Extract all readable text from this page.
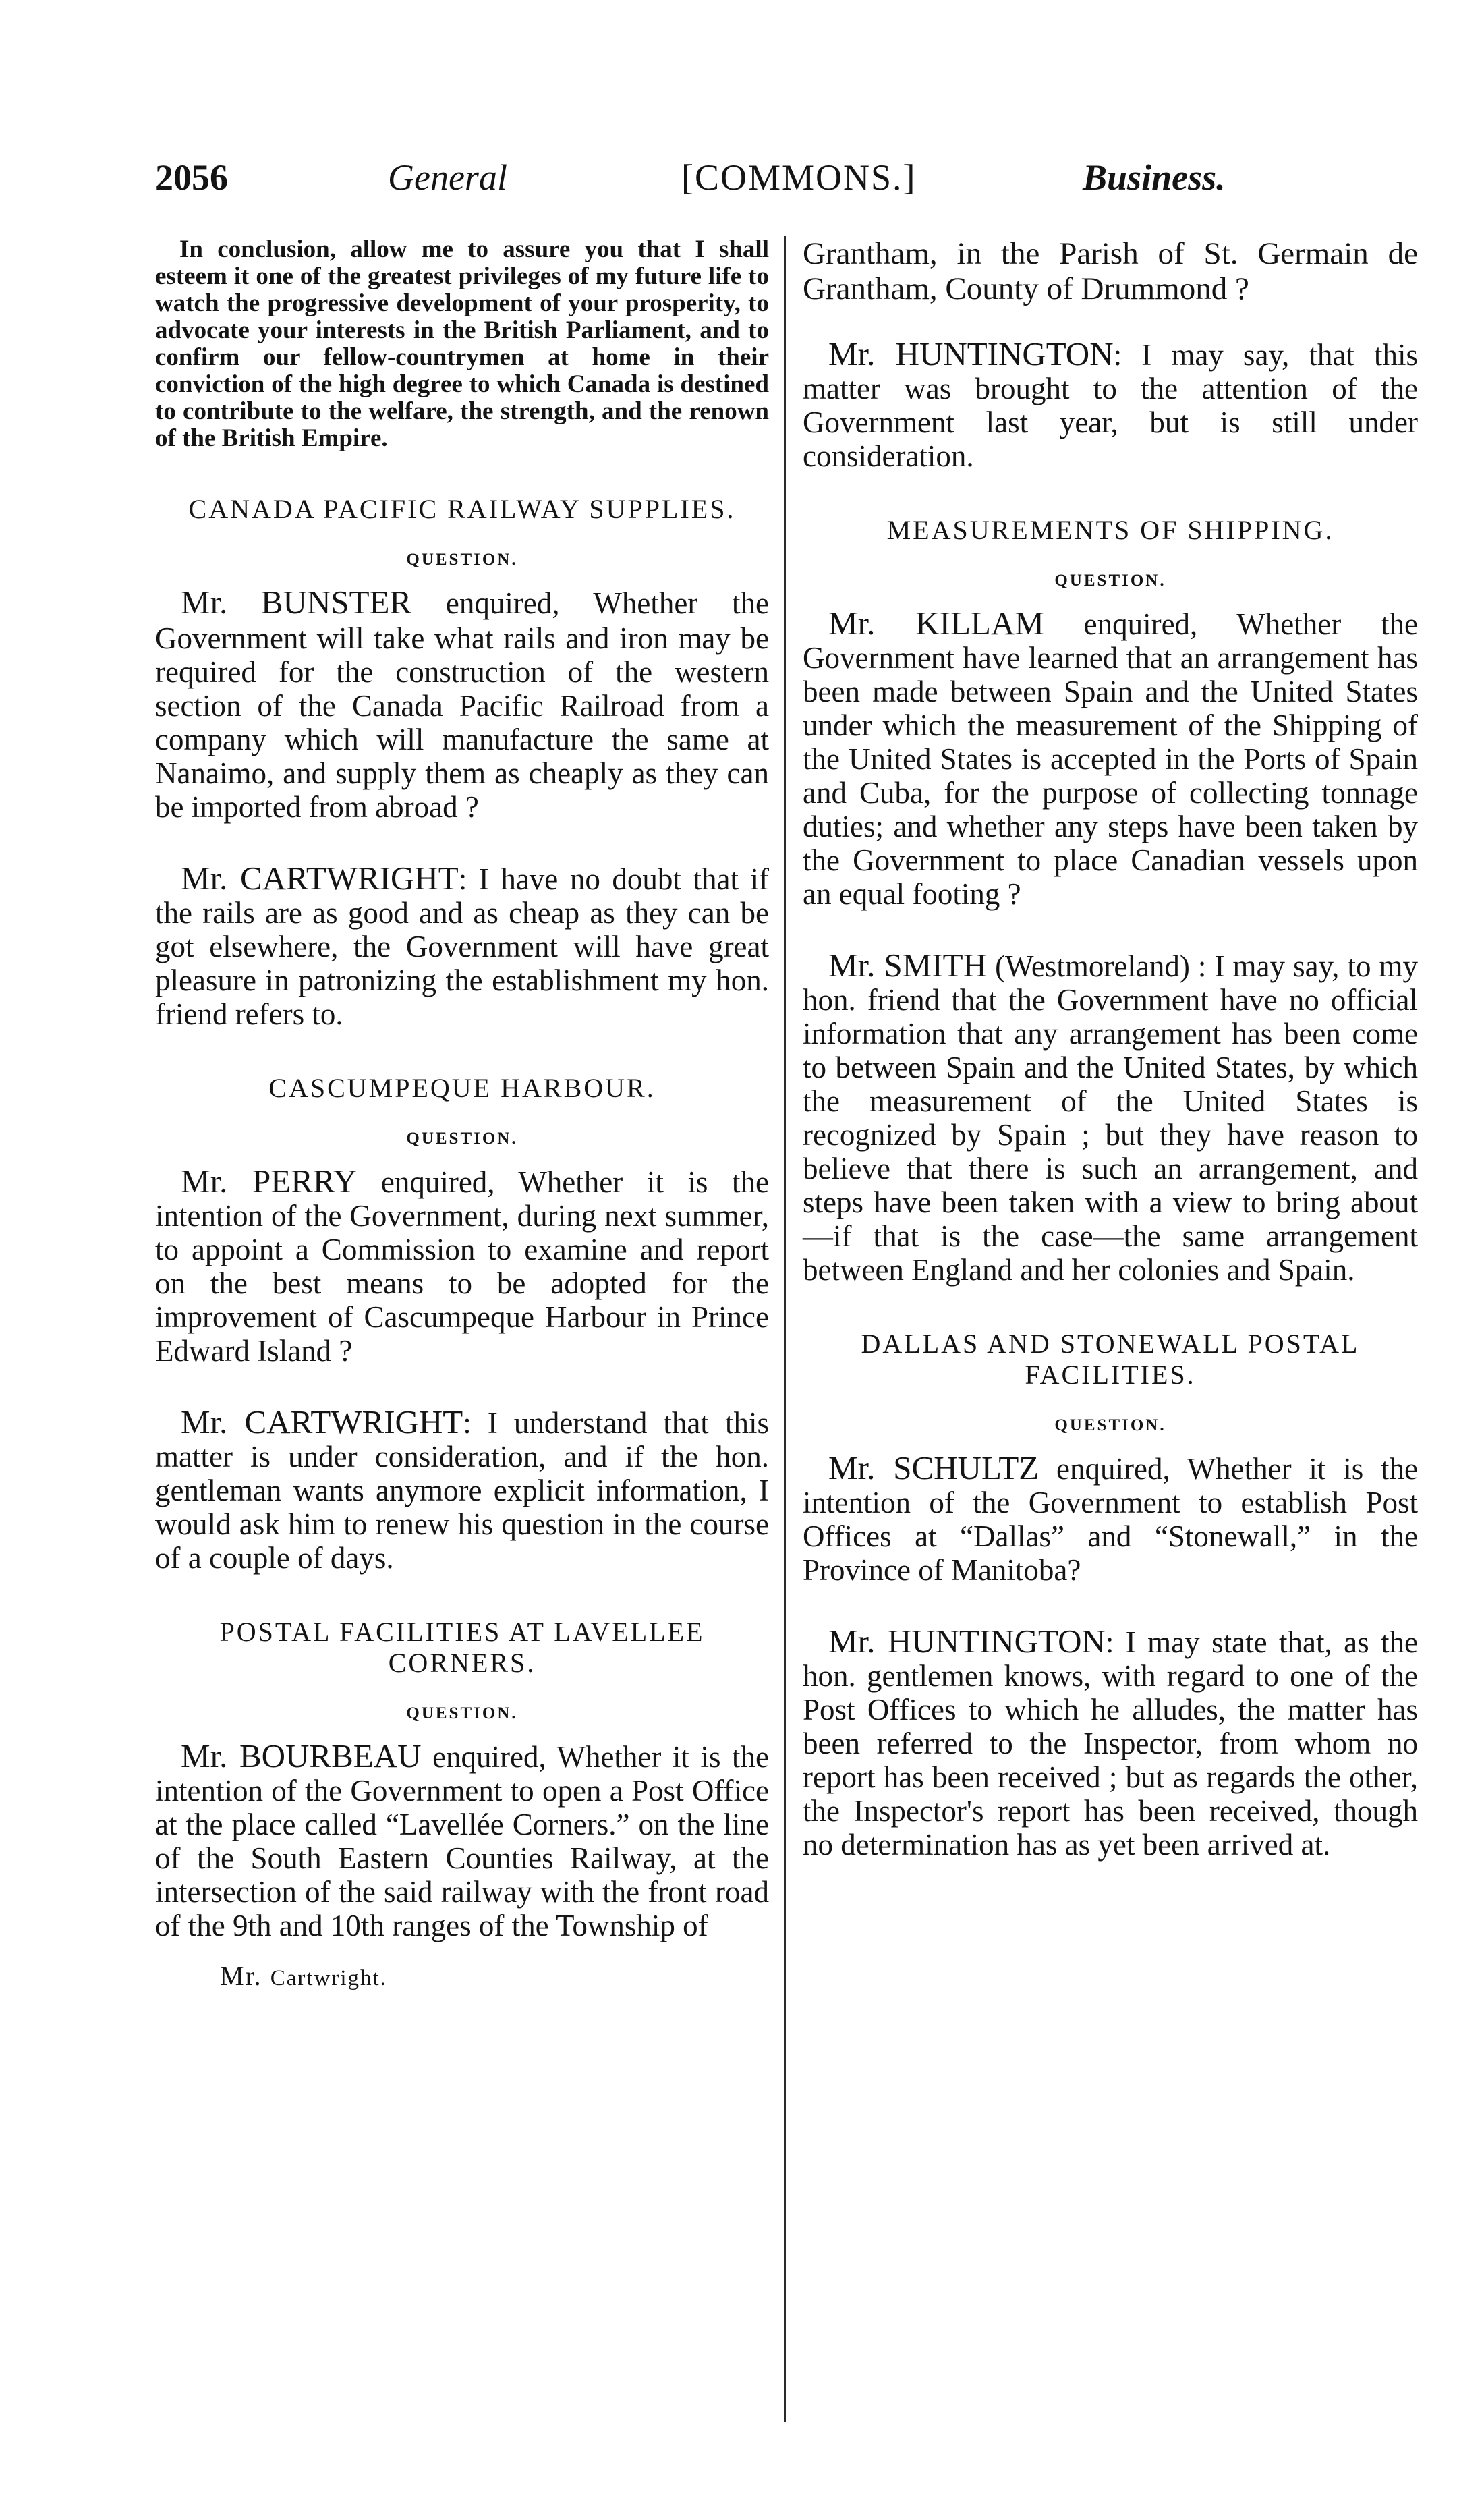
2056	General	[COMMONS.]	Business.

In conclusion, allow me to assure you that I shall esteem it one of the greatest privileges of my future life to watch the progressive development of your prosperity, to advocate your interests in the British Parliament, and to confirm our fellow-countrymen at home in their conviction of the high degree to which Canada is destined to contribute to the welfare, the strength, and the renown of the British Empire.

CANADA PACIFIC RAILWAY SUPPLIES.
QUESTION.

Mr. BUNSTER enquired, Whether the Government will take what rails and iron may be required for the construction of the western section of the Canada Pacific Railroad from a company which will manufacture the same at Nanaimo, and supply them as cheaply as they can be imported from abroad ?

Mr. CARTWRIGHT: I have no doubt that if the rails are as good and as cheap as they can be got elsewhere, the Government will have great pleasure in patronizing the establishment my hon. friend refers to.

CASCUMPEQUE HARBOUR.
QUESTION.

Mr. PERRY enquired, Whether it is the intention of the Government, during next summer, to appoint a Commission to examine and report on the best means to be adopted for the improvement of Cascumpeque Harbour in Prince Edward Island ?

Mr. CARTWRIGHT: I understand that this matter is under consideration, and if the hon. gentleman wants anymore explicit information, I would ask him to renew his question in the course of a couple of days.

POSTAL FACILITIES AT LAVELLEE CORNERS.
QUESTION.

Mr. BOURBEAU enquired, Whether it is the intention of the Government to open a Post Office at the place called “Lavellée Corners.” on the line of the South Eastern Counties Railway, at the intersection of the said railway with the front road of the 9th and 10th ranges of the Township of

Mr. Cartwright.

Grantham, in the Parish of St. Germain de Grantham, County of Drummond ?

Mr. HUNTINGTON: I may say, that this matter was brought to the attention of the Government last year, but is still under consideration.

MEASUREMENTS OF SHIPPING.
QUESTION.

Mr. KILLAM enquired, Whether the Government have learned that an arrangement has been made between Spain and the United States under which the measurement of the Shipping of the United States is accepted in the Ports of Spain and Cuba, for the purpose of collecting tonnage duties; and whether any steps have been taken by the Government to place Canadian vessels upon an equal footing ?

Mr. SMITH (Westmoreland) : I may say, to my hon. friend that the Government have no official information that any arrangement has been come to between Spain and the United States, by which the measurement of the United States is recognized by Spain ; but they have reason to believe that there is such an arrangement, and steps have been taken with a view to bring about—if that is the case—the same arrangement between England and her colonies and Spain.

DALLAS AND STONEWALL POSTAL FACILITIES.
QUESTION.

Mr. SCHULTZ enquired, Whether it is the intention of the Government to establish Post Offices at “Dallas” and “Stonewall,” in the Province of Manitoba?

Mr. HUNTINGTON: I may state that, as the hon. gentlemen knows, with regard to one of the Post Offices to which he alludes, the matter has been referred to the Inspector, from whom no report has been received ; but as regards the other, the Inspector's report has been received, though no determination has as yet been arrived at.
